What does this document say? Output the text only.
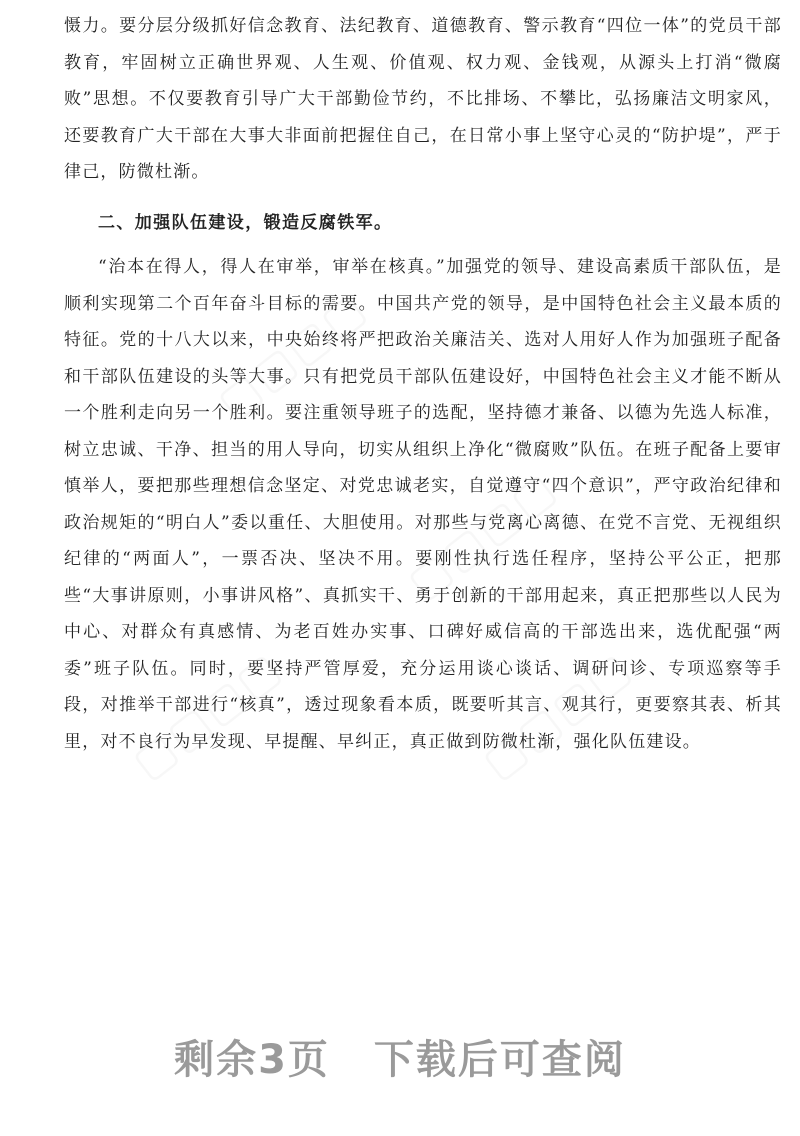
▢▢▢▢
▢▢▢▢
▢▢▢▢	▢▢▢▢

慑力。要分层分级抓好信念教育、法纪教育、道德教育、警示教育“四位一体”的党员干部教育，牢固树立正确世界观、人生观、价值观、权力观、金钱观，从源头上打消“微腐败”思想。不仅要教育引导广大干部勤俭节约，不比排场、不攀比，弘扬廉洁文明家风，还要教育广大干部在大事大非面前把握住自己，在日常小事上坚守心灵的“防护堤”，严于律己，防微杜渐。

二、加强队伍建设，锻造反腐铁军。

“治本在得人，得人在审举，审举在核真。”加强党的领导、建设高素质干部队伍，是顺利实现第二个百年奋斗目标的需要。中国共产党的领导，是中国特色社会主义最本质的特征。党的十八大以来，中央始终将严把政治关廉洁关、选对人用好人作为加强班子配备和干部队伍建设的头等大事。只有把党员干部队伍建设好，中国特色社会主义才能不断从一个胜利走向另一个胜利。要注重领导班子的选配，坚持德才兼备、以德为先选人标准，树立忠诚、干净、担当的用人导向，切实从组织上净化“微腐败”队伍。在班子配备上要审慎举人，要把那些理想信念坚定、对党忠诚老实，自觉遵守“四个意识”，严守政治纪律和政治规矩的“明白人”委以重任、大胆使用。对那些与党离心离德、在党不言党、无视组织纪律的“两面人”，一票否决、坚决不用。要刚性执行选任程序，坚持公平公正，把那些“大事讲原则，小事讲风格”、真抓实干、勇于创新的干部用起来，真正把那些以人民为中心、对群众有真感情、为老百姓办实事、口碑好威信高的干部选出来，选优配强“两委”班子队伍。同时，要坚持严管厚爱，充分运用谈心谈话、调研问诊、专项巡察等手段，对推举干部进行“核真”，透过现象看本质，既要听其言、观其行，更要察其表、析其里，对不良行为早发现、早提醒、早纠正，真正做到防微杜渐，强化队伍建设。

剩余3页 下载后可查阅
